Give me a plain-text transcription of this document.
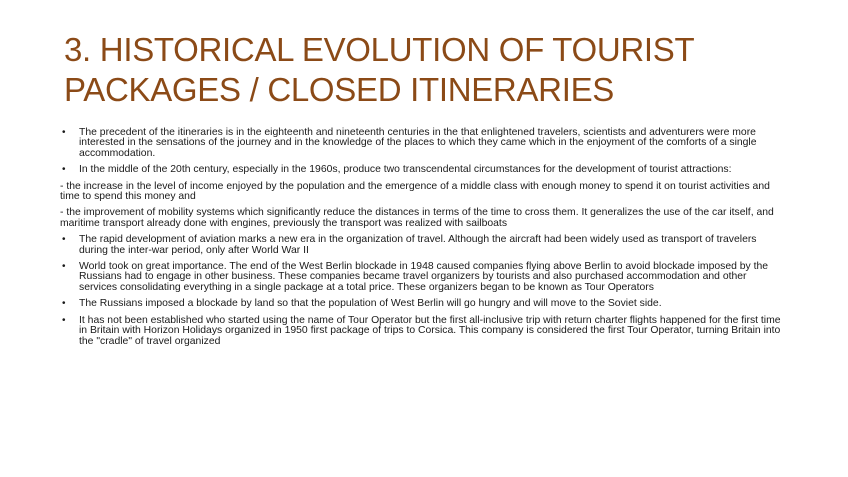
3. HISTORICAL EVOLUTION OF TOURIST PACKAGES / CLOSED ITINERARIES
• The precedent of the itineraries is in the eighteenth and nineteenth centuries in the that enlightened travelers, scientists and adventurers were more interested in the sensations of the journey and in the knowledge of the places to which they came which in the enjoyment of the comforts of a single accommodation.
• In the middle of the 20th century, especially in the 1960s, produce two transcendental circumstances for the development of tourist attractions:
- the increase in the level of income enjoyed by the population and the emergence of a middle class with enough money to spend it on tourist activities and time to spend this money and
- the improvement of mobility systems which significantly reduce the distances in terms of the time to cross them. It generalizes the use of the car itself, and maritime transport already done with engines, previously the transport was realized with sailboats
• The rapid development of aviation marks a new era in the organization of travel. Although the aircraft had been widely used as transport of travelers during the inter-war period, only after World War II
• World took on great importance. The end of the West Berlin blockade in 1948 caused companies flying above Berlin to avoid blockade imposed by the Russians had to engage in other business. These companies became travel organizers by tourists and also purchased accommodation and other services consolidating everything in a single package at a total price. These organizers began to be known as Tour Operators
• The Russians imposed a blockade by land so that the population of West Berlin will go hungry and will move to the Soviet side.
• It has not been established who started using the name of Tour Operator but the first all-inclusive trip with return charter flights happened for the first time in Britain with Horizon Holidays organized in 1950 first package of trips to Corsica. This company is considered the first Tour Operator, turning Britain into the "cradle" of travel organized
